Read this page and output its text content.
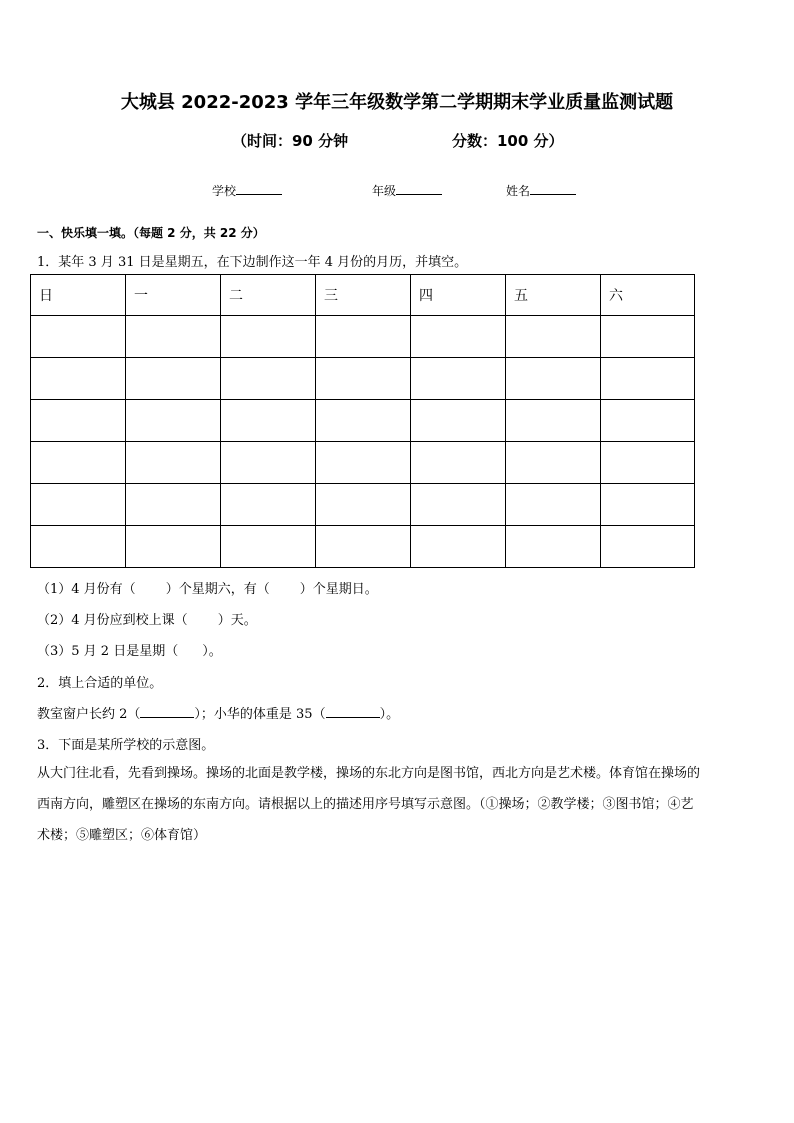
大城县 2022-2023 学年三年级数学第二学期期末学业质量监测试题
（时间：90 分钟	分数：100 分）
学校	年级	姓名
一、快乐填一填。（每题 2 分，共 22 分）
1．某年 3 月 31 日是星期五，在下边制作这一年 4 月份的月历，并填空。
日	一	二	三	四	五	六

（1）4 月份有（ ）个星期六，有（ ）个星期日。
（2）4 月份应到校上课（ ）天。
（3）5 月 2 日是星期（ ）。
2．填上合适的单位。
教室窗户长约 2（	）；小华的体重是 35（	）。
3．下面是某所学校的示意图。
从大门往北看，先看到操场。操场的北面是教学楼，操场的东北方向是图书馆，西北方向是艺术楼。体育馆在操场的
西南方向，雕塑区在操场的东南方向。请根据以上的描述用序号填写示意图。（①操场；②教学楼；③图书馆；④艺
术楼；⑤雕塑区；⑥体育馆）
